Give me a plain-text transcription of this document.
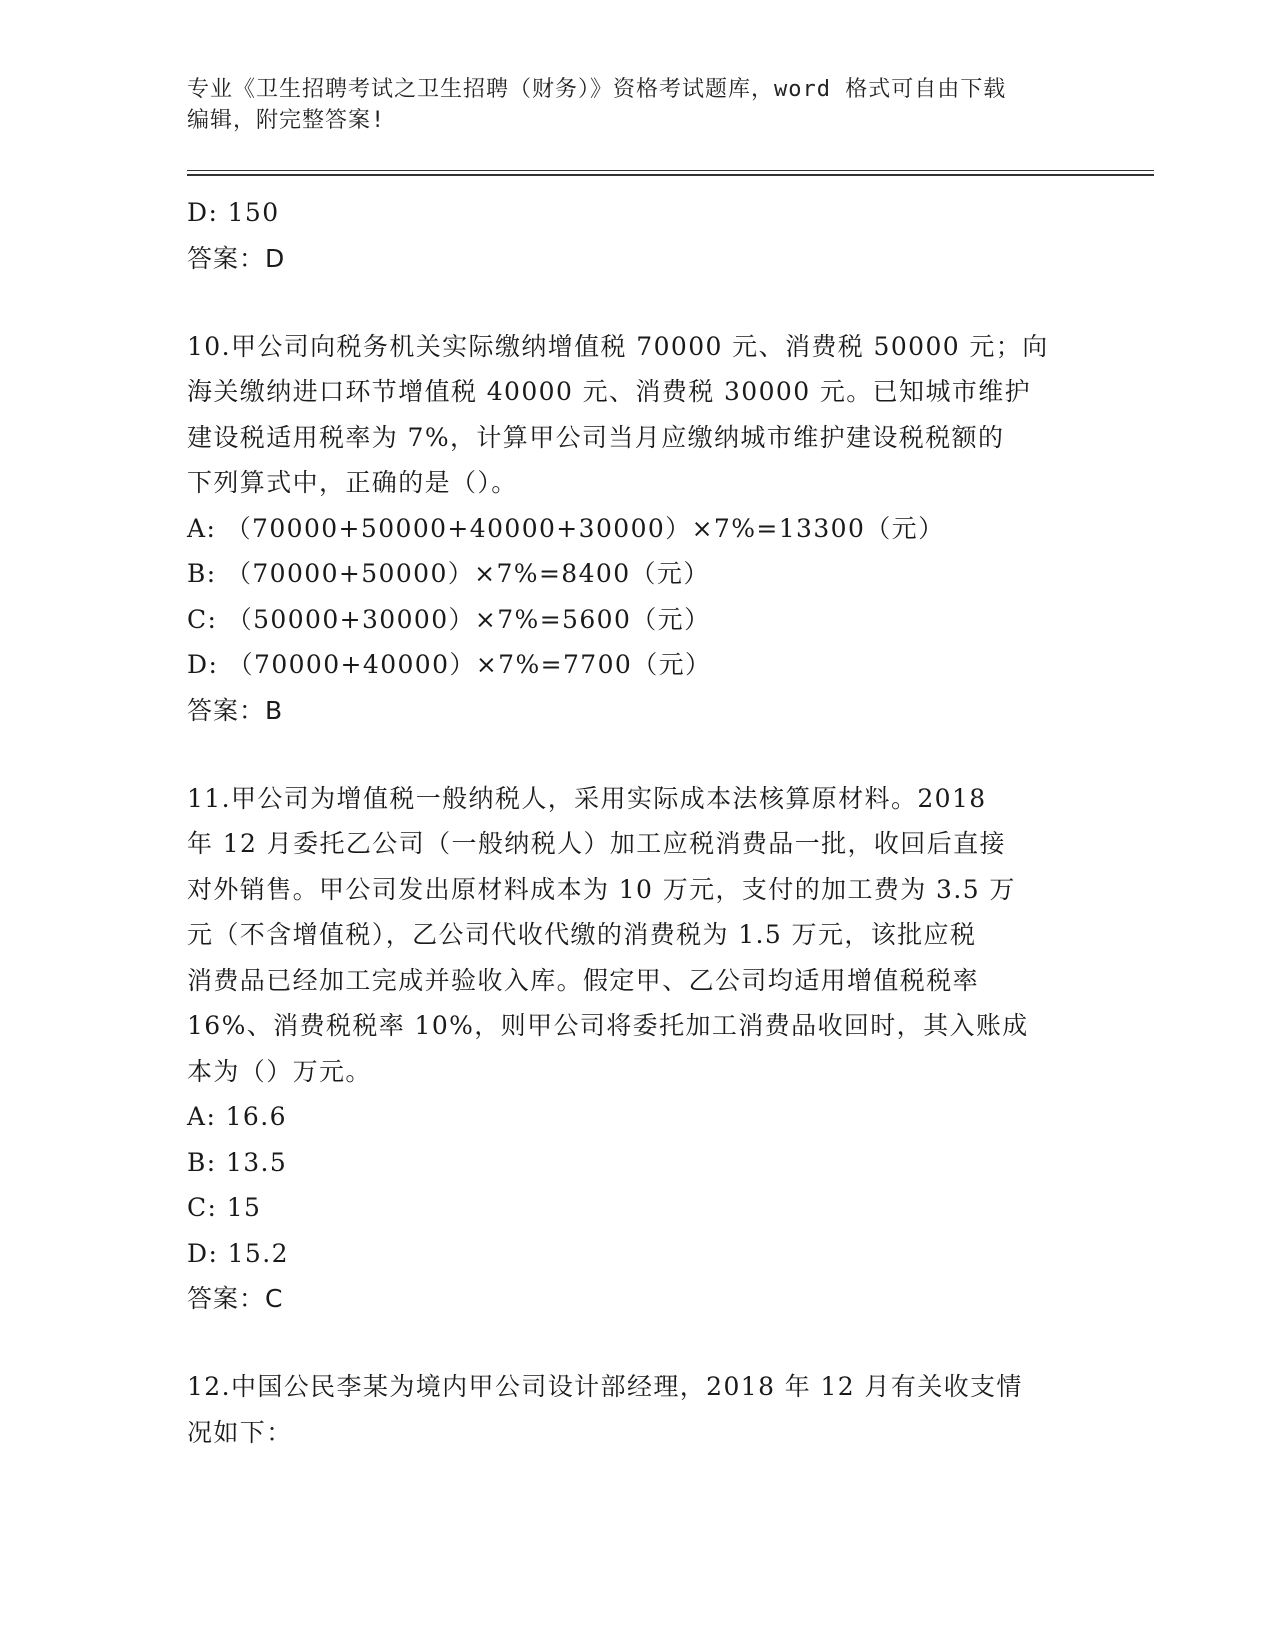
专业《卫生招聘考试之卫生招聘（财务）》资格考试题库，word 格式可自由下载
编辑，附完整答案!
D: 150
答案：D
10.甲公司向税务机关实际缴纳增值税 70000 元、消费税 50000 元；向
海关缴纳进口环节增值税 40000 元、消费税 30000 元。已知城市维护
建设税适用税率为 7%，计算甲公司当月应缴纳城市维护建设税税额的
下列算式中，正确的是（）。
A: （70000+50000+40000+30000）×7%=13300（元）
B: （70000+50000）×7%=8400（元）
C: （50000+30000）×7%=5600（元）
D: （70000+40000）×7%=7700（元）
答案：B
11.甲公司为增值税一般纳税人，采用实际成本法核算原材料。2018
年 12 月委托乙公司（一般纳税人）加工应税消费品一批，收回后直接
对外销售。甲公司发出原材料成本为 10 万元，支付的加工费为 3.5 万
元（不含增值税），乙公司代收代缴的消费税为 1.5 万元，该批应税
消费品已经加工完成并验收入库。假定甲、乙公司均适用增值税税率
16%、消费税税率 10%，则甲公司将委托加工消费品收回时，其入账成
本为（）万元。
A: 16.6
B: 13.5
C: 15
D: 15.2
答案：C
12.中国公民李某为境内甲公司设计部经理，2018 年 12 月有关收支情
况如下：
